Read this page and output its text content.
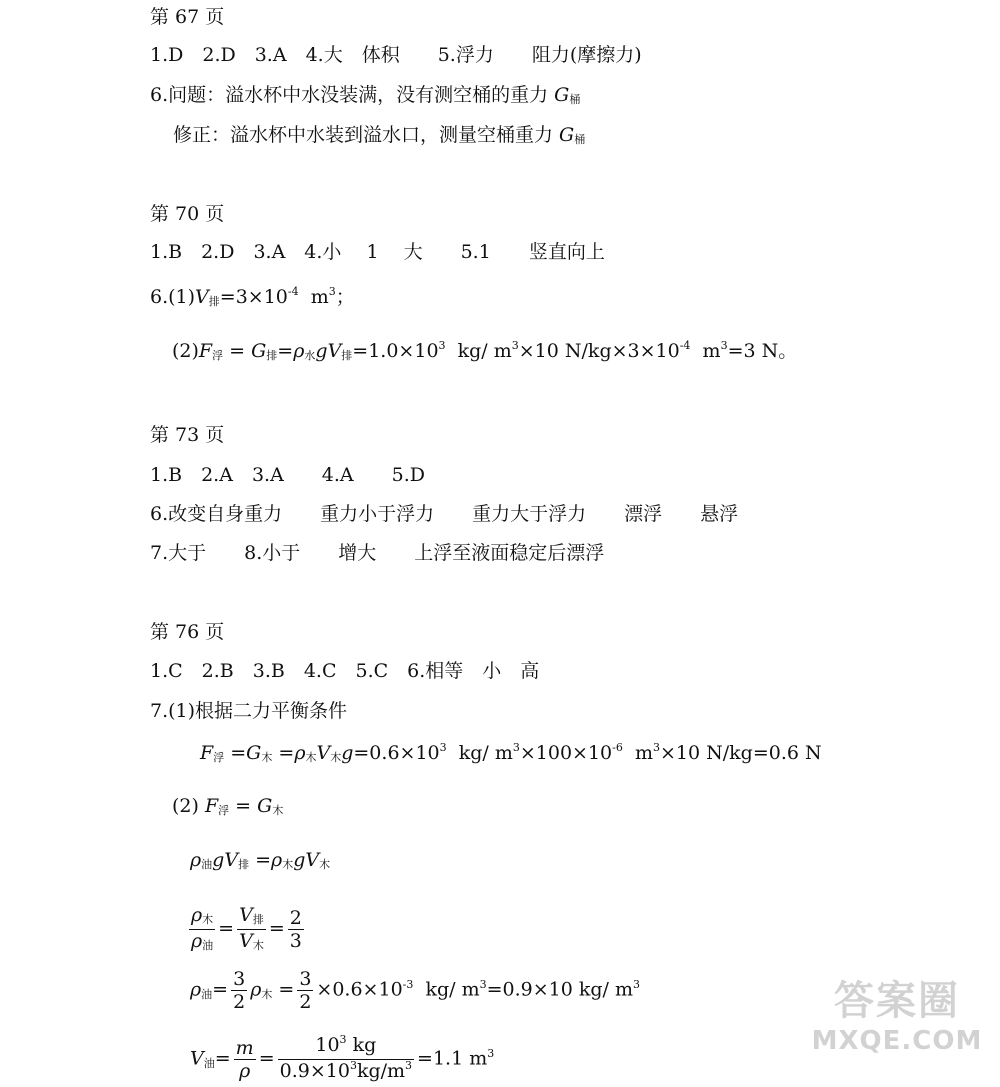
第 67 页
1.D　2.D　3.A　4.大　体积　　5.浮力　　阻力(摩擦力)
6.问题：溢水杯中水没装满，没有测空桶的重力 $G_桶$
修正：溢水杯中水装到溢水口，测量空桶重力 $G_桶$
第 70 页
1.B　2.D　3.A　4.小　 1　 大　　5.1　　竖直向上
$6.(1)V_排=3\times 10^{-4}$ $m^3$；
$(2)F_浮 = G_排=\rho_水gV_排=1.0\times 10^3$ kg/ $m^3\times 10$ $N/kg\times 3\times 10^{-4}$ $m^3=3$ N。
第 73 页
1.B　2.A　3.A　　4.A　　5.D
6.改变自身重力　　重力小于浮力　　重力大于浮力　　漂浮　　悬浮
7.大于　　8.小于　　增大　　上浮至液面稳定后漂浮
第 76 页
1.C　2.B　3.B　4.C　5.C　6.相等　小　高
7.(1)根据二力平衡条件
$F_浮 =G_木 =\rho_木V_木g=0.6\times 10^3$ kg/ $m^3\times 100\times 10^{-6}$ $m^3\times 10$ N/kg=0.6 N
(2) $F_浮 = G_木$
$\rho_油gV_排 =\rho_木gV_木$
$\frac{\rho_木}{\rho_油} = \frac{V_排}{V_木} = \frac{2}{3}$
$\rho_油= \frac{3}{2} \rho_木 = \frac{3}{2} \times 0.6\times 10^{-3}$ kg/ $m^3=0.9\times 10$ kg/ $m^3$
$V_油= \frac{m}{\rho} = \frac{10^3 kg}{0.9\times 10^3kg/m^3} =1.1$ $m^3$
答案圈
MXQE.COM
